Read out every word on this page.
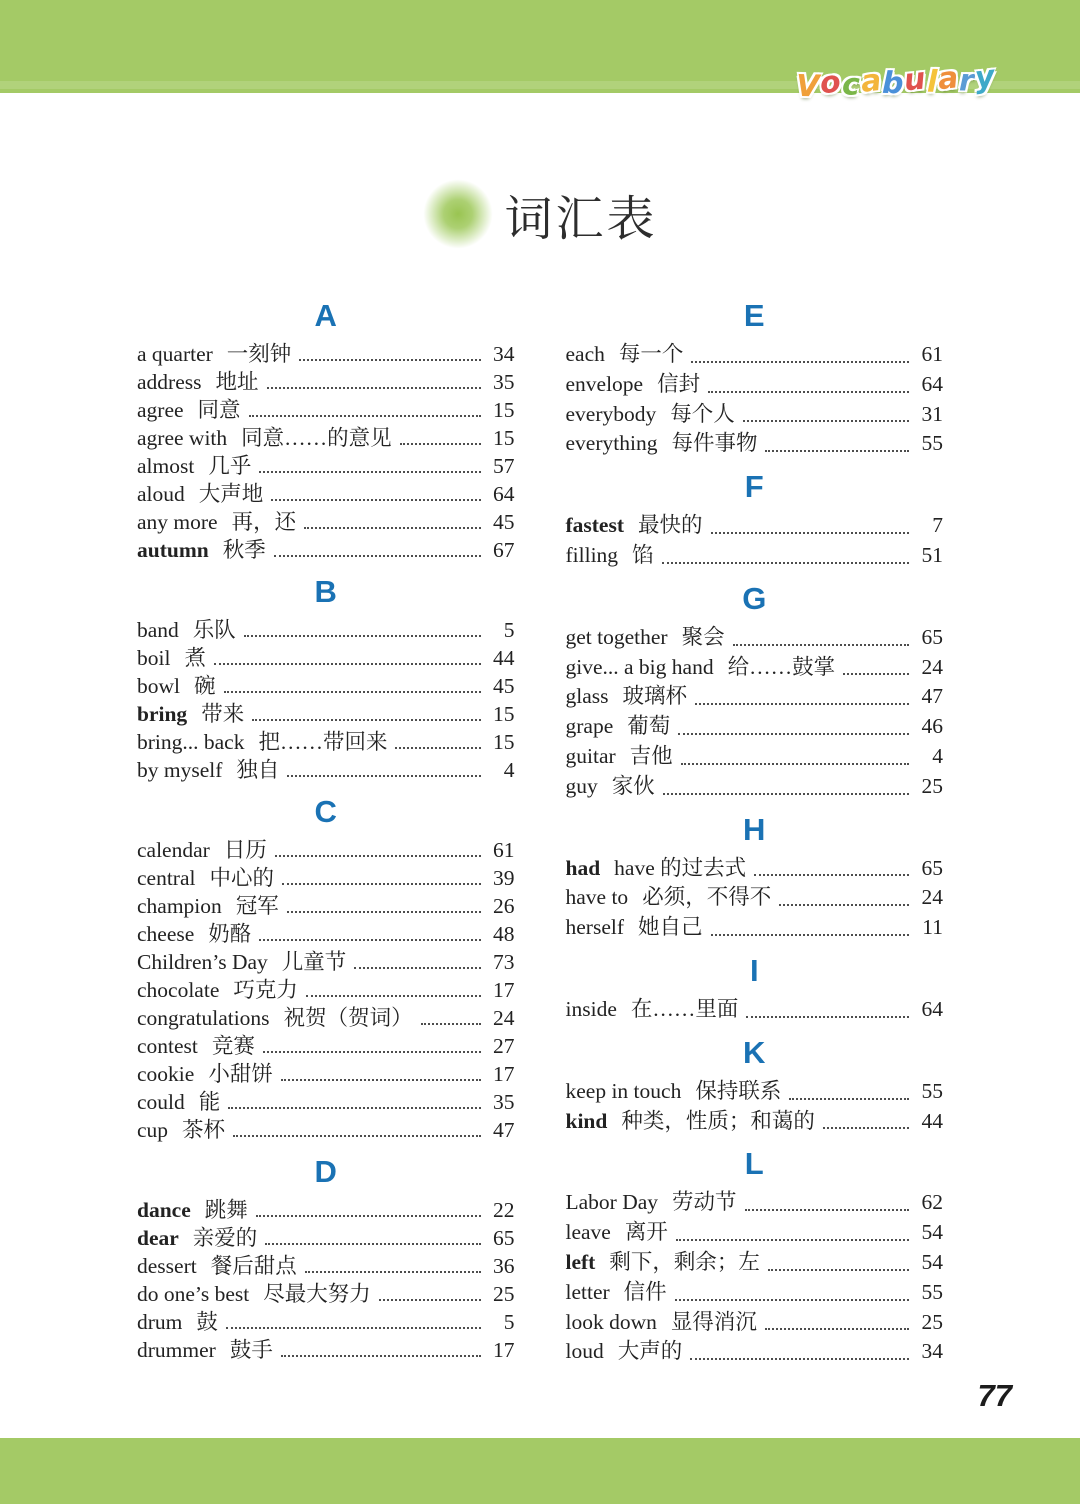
Vocabulary
词汇表
A
a quarter 一刻钟	34
address 地址	35
agree 同意	15
agree with 同意……的意见	15
almost 几乎	57
aloud 大声地	64
any more 再，还	45
autumn 秋季	67
B
band 乐队	5
boil 煮	44
bowl 碗	45
bring 带来	15
bring... back 把……带回来	15
by myself 独自	4
C
calendar 日历	61
central 中心的	39
champion 冠军	26
cheese 奶酪	48
Children’s Day 儿童节	73
chocolate 巧克力	17
congratulations 祝贺（贺词）	24
contest 竞赛	27
cookie 小甜饼	17
could 能	35
cup 茶杯	47
D
dance 跳舞	22
dear 亲爱的	65
dessert 餐后甜点	36
do one’s best 尽最大努力	25
drum 鼓	5
drummer 鼓手	17
E
each 每一个	61
envelope 信封	64
everybody 每个人	31
everything 每件事物	55
F
fastest 最快的	7
filling 馅	51
G
get together 聚会	65
give... a big hand 给……鼓掌	24
glass 玻璃杯	47
grape 葡萄	46
guitar 吉他	4
guy 家伙	25
H
had have 的过去式	65
have to 必须，不得不	24
herself 她自己	11
I
inside 在……里面	64
K
keep in touch 保持联系	55
kind 种类，性质；和蔼的	44
L
Labor Day 劳动节	62
leave 离开	54
left 剩下，剩余；左	54
letter 信件	55
look down 显得消沉	25
loud 大声的	34
77
